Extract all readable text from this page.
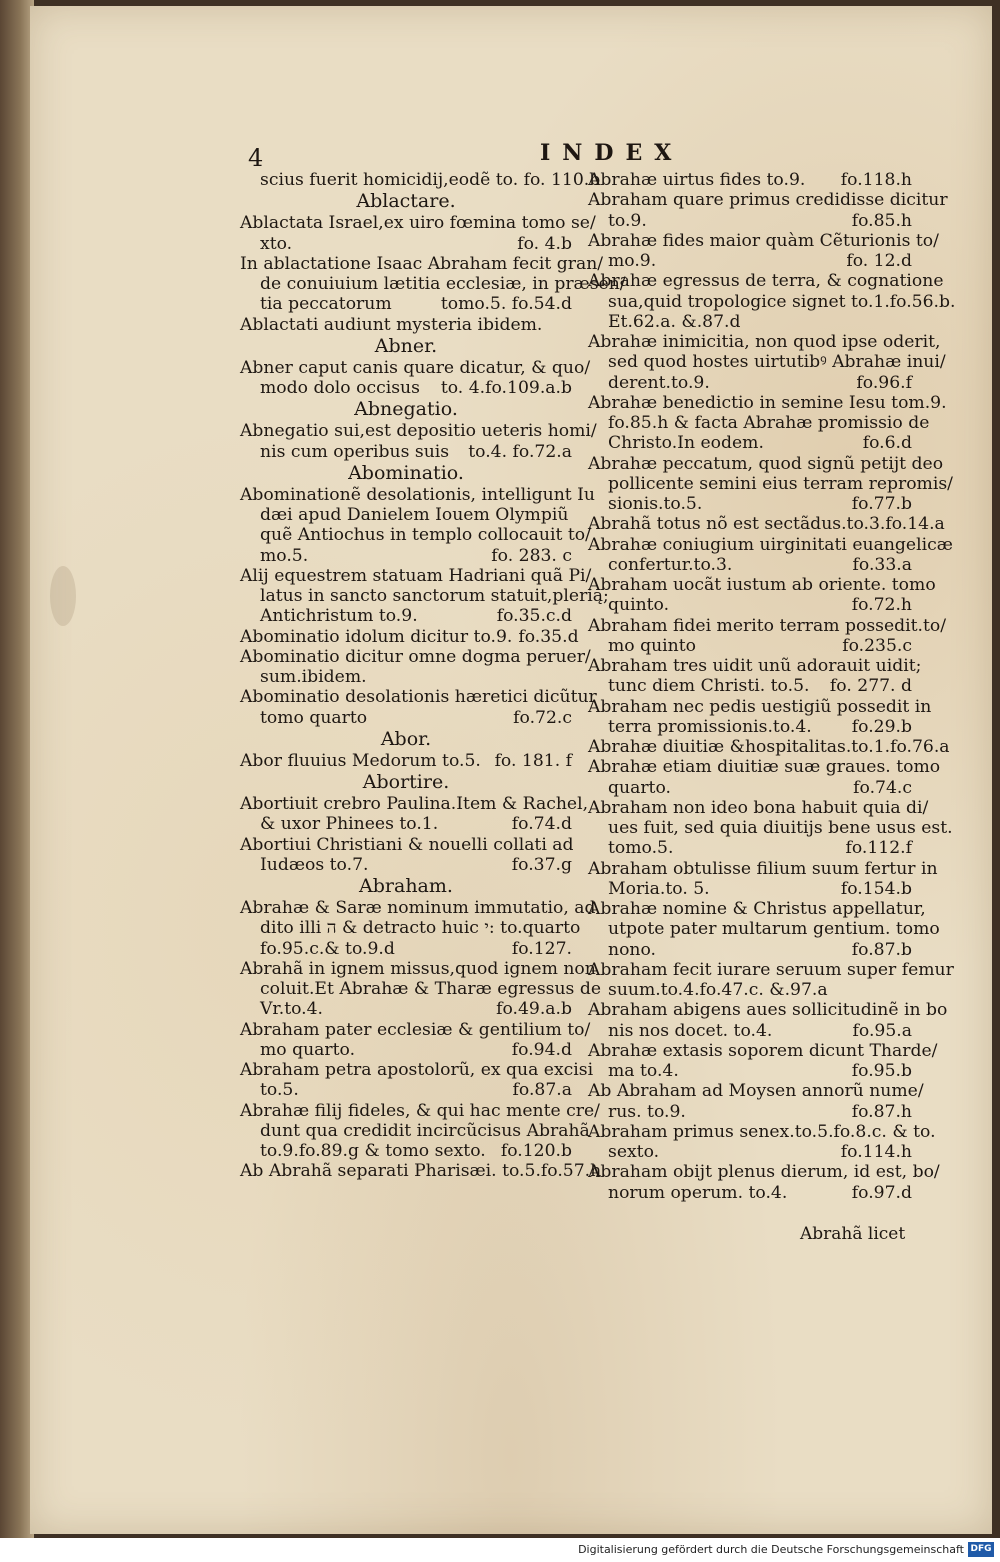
4	INDEX
scius fuerit homicidij,eodẽ to. fo. 110.b
Ablactare.
Ablactata Israel,ex uiro fœmina tomo se/
xto.	fo. 4.b
In ablactatione Isaac Abraham fecit gran/
de conuiuium lætitia ecclesiæ, in præsen/
tia peccatorum	tomo.5. fo.54.d
Ablactati audiunt mysteria ibidem.
Abner.
Abner caput canis quare dicatur, & quo/
modo dolo occisus to. 4.fo.109.a.b
Abnegatio.
Abnegatio sui,est depositio ueteris homi/
nis cum operibus suis to.4. fo.72.a
Abominatio.
Abominationẽ desolationis, intelligunt Iu
dæi apud Danielem Iouem Olympiũ
quẽ Antiochus in templo collocauit to/
mo.5.	fo. 283. c
Alij equestrem statuam Hadriani quã Pi/
latus in sancto sanctorum statuit,plerią;
Antichristum to.9.	fo.35.c.d
Abominatio idolum dicitur to.9. fo.35.d
Abominatio dicitur omne dogma peruer/
sum.ibidem.
Abominatio desolationis hæretici dicũtur
tomo quarto	fo.72.c
Abor.
Abor fluuius Medorum to.5. fo. 181. f
Abortire.
Abortiuit crebro Paulina.Item & Rachel,
& uxor Phinees to.1.	fo.74.d
Abortiui Christiani & nouelli collati ad
Iudæos to.7.	fo.37.g
Abraham.
Abrahæ & Saræ nominum immutatio, ad
dito illi ה & detracto huic י: to.quarto
fo.95.c.& to.9.d	fo.127.
Abrahã in ignem missus,quod ignem non
coluit.Et Abrahæ & Tharæ egressus de
Vr.to.4.	fo.49.a.b
Abraham pater ecclesiæ & gentilium to/
mo quarto.	fo.94.d
Abraham petra apostolorũ, ex qua excisi
to.5.	fo.87.a
Abrahæ filij fideles, & qui hac mente cre/
dunt qua credidit incircũcisus Abrahã
to.9.fo.89.g & tomo sexto. fo.120.b
Ab Abrahã separati Pharisæi. to.5.fo.57.h
Abrahæ uirtus fides to.9. fo.118.h
Abraham quare primus credidisse dicitur
to.9.	fo.85.h
Abrahæ fides maior quàm Cẽturionis to/
mo.9.	fo. 12.d
Abrahæ egressus de terra, & cognatione
sua,quid tropologice signet to.1.fo.56.b.
Et.62.a. &.87.d
Abrahæ inimicitia, non quod ipse oderit,
sed quod hostes uirtutibꝰ Abrahæ inui/
derent.to.9.	fo.96.f
Abrahæ benedictio in semine Iesu tom.9.
fo.85.h & facta Abrahæ promissio de
Christo.In eodem.	fo.6.d
Abrahæ peccatum, quod signũ petijt deo
pollicente semini eius terram repromis/
sionis.to.5.	fo.77.b
Abrahã totus nõ est sectãdus.to.3.fo.14.a
Abrahæ coniugium uirginitati euangelicæ
confertur.to.3.	fo.33.a
Abraham uocãt iustum ab oriente. tomo
quinto.	fo.72.h
Abraham fidei merito terram possedit.to/
mo quinto	fo.235.c
Abraham tres uidit unũ adorauit uidit;
tunc diem Christi. to.5. fo. 277. d
Abraham nec pedis uestigiũ possedit in
terra promissionis.to.4. fo.29.b
Abrahæ diuitiæ &hospitalitas.to.1.fo.76.a
Abrahæ etiam diuitiæ suæ graues. tomo
quarto.	fo.74.c
Abraham non ideo bona habuit quia di/
ues fuit, sed quia diuitijs bene usus est.
tomo.5.	fo.112.f
Abraham obtulisse filium suum fertur in
Moria.to. 5.	fo.154.b
Abrahæ nomine & Christus appellatur,
utpote pater multarum gentium. tomo
nono.	fo.87.b
Abraham fecit iurare seruum super femur
suum.to.4.fo.47.c. &.97.a
Abraham abigens aues sollicitudinẽ in bo
nis nos docet. to.4.	fo.95.a
Abrahæ extasis soporem dicunt Tharde/
ma to.4.	fo.95.b
Ab Abraham ad Moysen annorũ nume/
rus. to.9.	fo.87.h
Abraham primus senex.to.5.fo.8.c. & to.
sexto.	fo.114.h
Abraham obijt plenus dierum, id est, bo/
norum operum. to.4.	fo.97.d
Abrahã licet
Digitalisierung gefördert durch die Deutsche Forschungsgemeinschaft DFG
